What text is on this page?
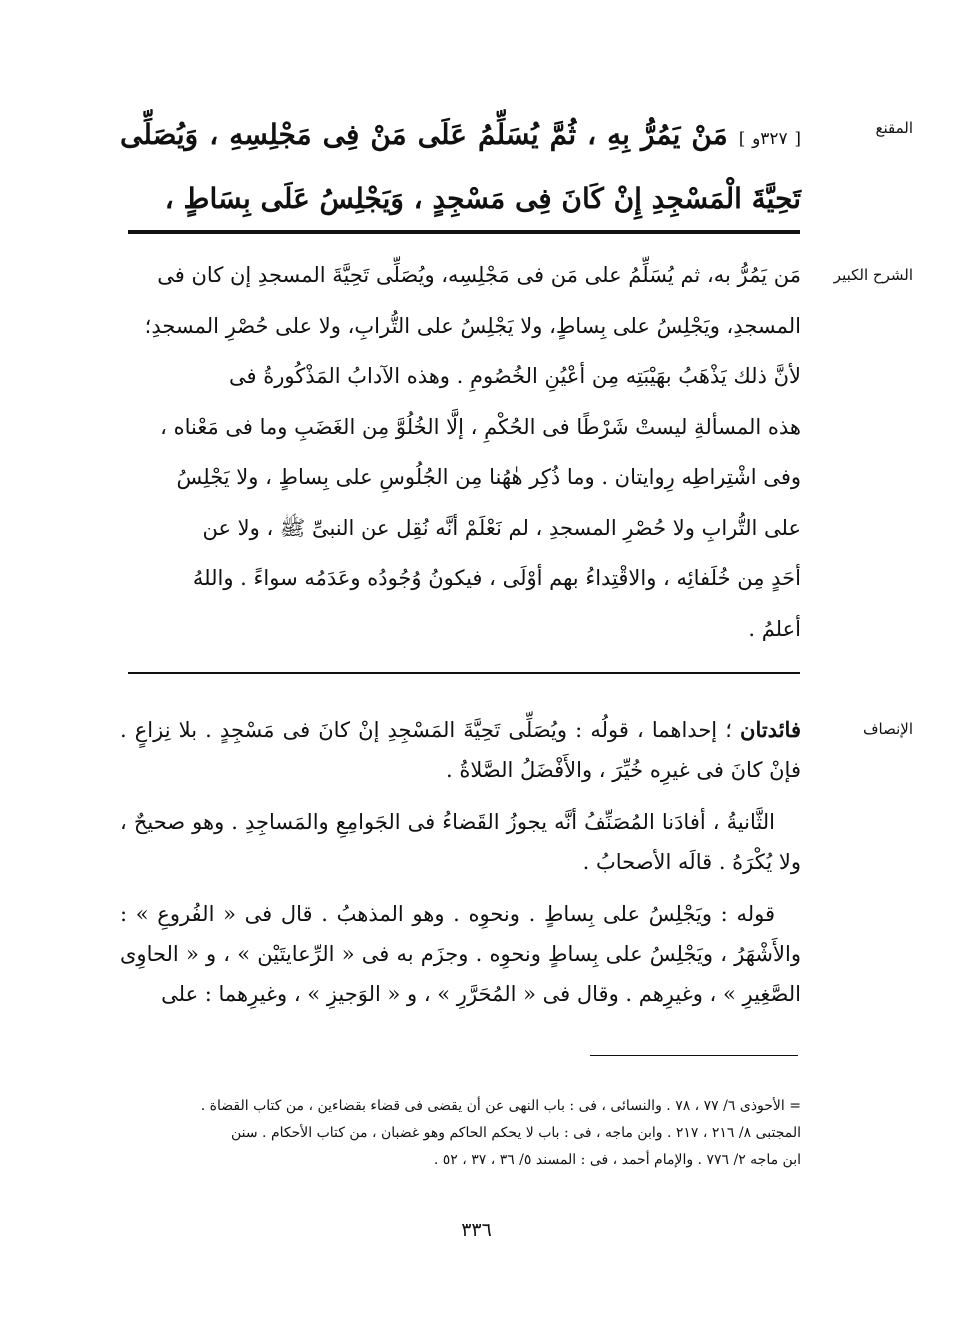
المقنع
[ ٣٢٧و ] مَنْ يَمُرُّ بِهِ ، ثُمَّ يُسَلِّمُ عَلَى مَنْ فِى مَجْلِسِهِ ، وَيُصَلِّى تَحِيَّةَ الْمَسْجِدِ إِنْ كَانَ فِى مَسْجِدٍ ، وَيَجْلِسُ عَلَى بِسَاطٍ ،
الشرح الكبير
مَن يَمُرُّ به، ثم يُسَلِّمُ على مَن فى مَجْلِسِه، ويُصَلِّى تَحِيَّةَ المسجدِ إن كان فى
المسجدِ، ويَجْلِسُ على بِساطٍ، ولا يَجْلِسُ على التُّرابِ، ولا على حُصْرِ المسجدِ؛
لأنَّ ذلك يَذْهَبُ بهَيْبَتِه مِن أعْيُنِ الخُصُومِ . وهذه الآدابُ المَذْكُورةُ فى
هذه المسألةِ ليستْ شَرْطًا فى الحُكْمِ ، إلَّا الخُلُوَّ مِن الغَضَبِ وما فى مَعْناه ،
وفى اشْتِراطِه رِوايتان . وما ذُكِر هٰهُنا مِن الجُلُوسِ على بِساطٍ ، ولا يَجْلِسُ
على التُّرابِ ولا حُصْرِ المسجدِ ، لم نَعْلَمْ أنَّه نُقِل عن النبىِّ ﷺ ، ولا عن
أحَدٍ مِن خُلَفائِه ، والاقْتِداءُ بهم أوْلَى ، فيكونُ وُجُودُه وعَدَمُه سواءً . واللهُ
أعلمُ .
الإنصاف

فائدتان ؛ إحداهما ، قولُه : ويُصَلِّى تَحِيَّةَ المَسْجِدِ إنْ كانَ فى مَسْجِدٍ . بلا نِزاعٍ . فإنْ كانَ فى غيرِه خُيِّرَ ، والأَفْضَلُ الصَّلاةُ .

الثَّانيةُ ، أفادَنا المُصَنِّفُ أنَّه يجوزُ القَضاءُ فى الجَوامِعِ والمَساجِدِ . وهو صحيحٌ ، ولا يُكْرَهُ . قالَه الأصحابُ .

قوله : ويَجْلِسُ على بِساطٍ . ونحوِه . وهو المذهبُ . قال فى « الفُروعِ » : والأَشْهَرُ ، ويَجْلِسُ على بِساطٍ ونحوِه . وجزَم به فى « الرِّعايتَيْن » ، و « الحاوِى الصَّغِيرِ » ، وغيرِهم . وقال فى « المُحَرَّرِ » ، و « الوَجيزِ » ، وغيرِهما : على

= الأحوذى ٦/ ٧٧ ، ٧٨ . والنسائى ، فى : باب النهى عن أن يقضى فى قضاء بقضاءين ، من كتاب القضاة .
المجتبى ٨/ ٢١٦ ، ٢١٧ . وابن ماجه ، فى : باب لا يحكم الحاكم وهو غضبان ، من كتاب الأحكام . سنن
ابن ماجه ٢/ ٧٧٦ . والإمام أحمد ، فى : المسند ٥/ ٣٦ ، ٣٧ ، ٥٢ .
٣٣٦
